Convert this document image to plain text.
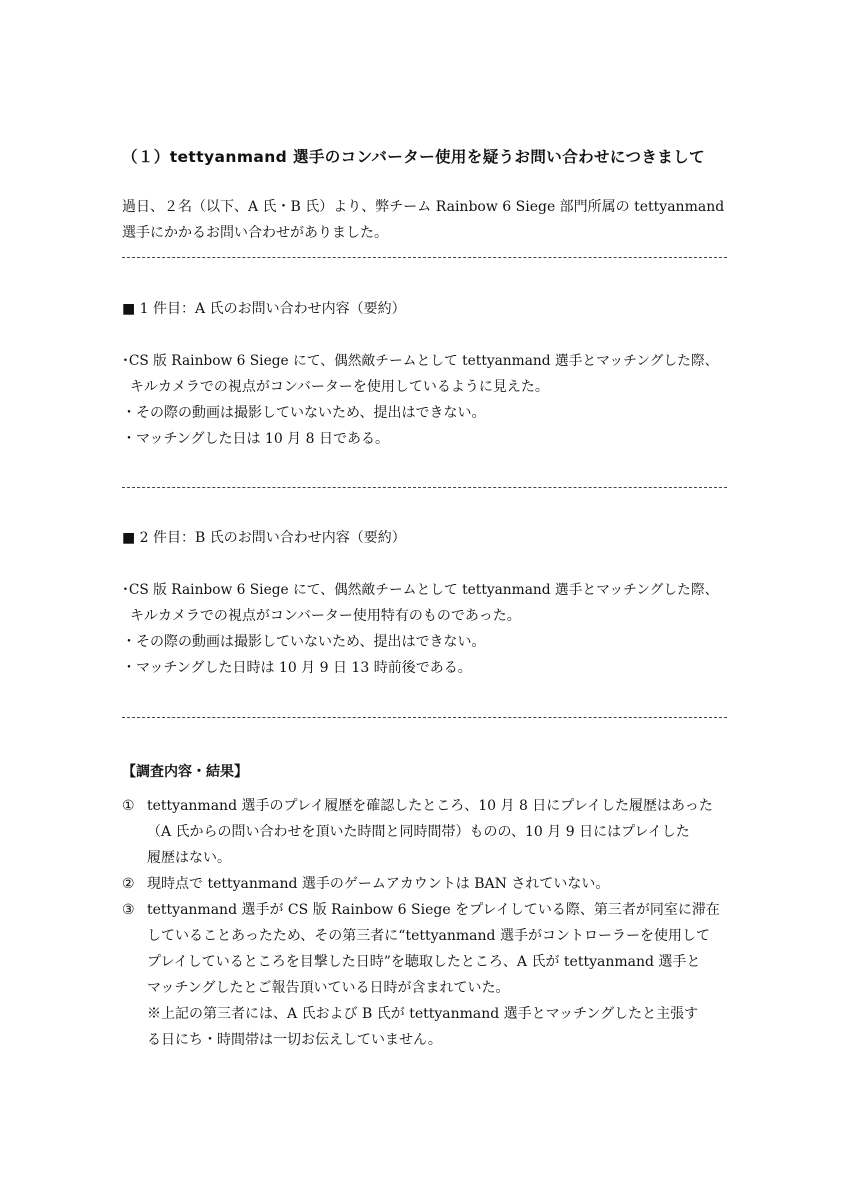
（１）tettyanmand 選手のコンバーター使用を疑うお問い合わせにつきまして
過日、２名（以下、A 氏・B 氏）より、弊チーム Rainbow 6 Siege 部門所属の tettyanmand
選手にかかるお問い合わせがありました。
■ 1 件目：A 氏のお問い合わせ内容（要約）
･CS 版 Rainbow 6 Siege にて、偶然敵チームとして tettyanmand 選手とマッチングした際、
キルカメラでの視点がコンバーターを使用しているように見えた。
・その際の動画は撮影していないため、提出はできない。
・マッチングした日は 10 月 8 日である。
■ 2 件目：B 氏のお問い合わせ内容（要約）
･CS 版 Rainbow 6 Siege にて、偶然敵チームとして tettyanmand 選手とマッチングした際、
キルカメラでの視点がコンバーター使用特有のものであった。
・その際の動画は撮影していないため、提出はできない。
・マッチングした日時は 10 月 9 日 13 時前後である。
【調査内容・結果】
① tettyanmand 選手のプレイ履歴を確認したところ、10 月 8 日にプレイした履歴はあった
（A 氏からの問い合わせを頂いた時間と同時間帯）ものの、10 月 9 日にはプレイした
履歴はない。
② 現時点で tettyanmand 選手のゲームアカウントは BAN されていない。
③ tettyanmand 選手が CS 版 Rainbow 6 Siege をプレイしている際、第三者が同室に滞在
していることあったため、その第三者に“tettyanmand 選手がコントローラーを使用して
プレイしているところを目撃した日時”を聴取したところ、A 氏が tettyanmand 選手と
マッチングしたとご報告頂いている日時が含まれていた。
※上記の第三者には、A 氏および B 氏が tettyanmand 選手とマッチングしたと主張す
る日にち・時間帯は一切お伝えしていません。
